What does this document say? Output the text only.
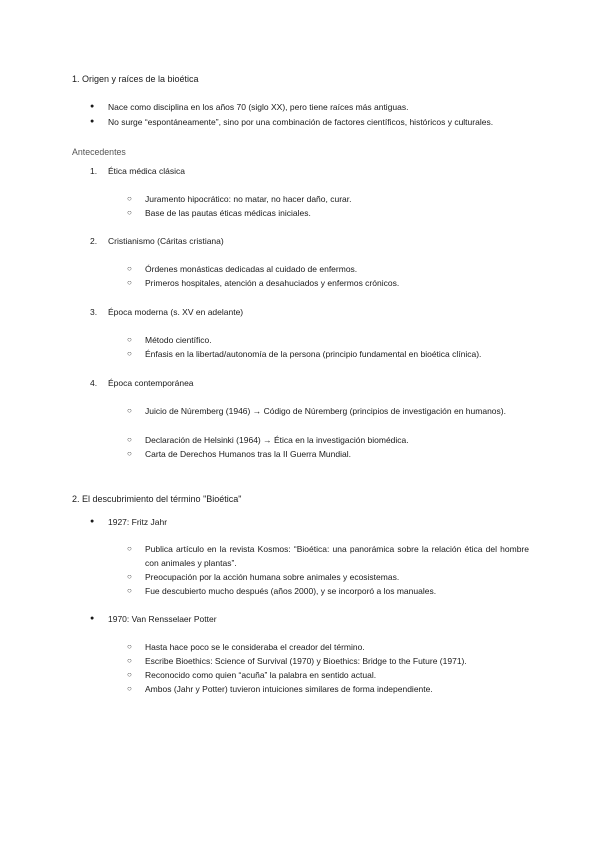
1. Origen y raíces de la bioética
●	Nace como disciplina en los años 70 (siglo XX), pero tiene raíces más antiguas.
●	No surge “espontáneamente”, sino por una combinación de factores científicos, históricos y culturales.
Antecedentes
1.	Ética médica clásica
○	Juramento hipocrático: no matar, no hacer daño, curar.
○	Base de las pautas éticas médicas iniciales.
2.	Cristianismo (Cáritas cristiana)
○	Órdenes monásticas dedicadas al cuidado de enfermos.
○	Primeros hospitales, atención a desahuciados y enfermos crónicos.
3.	Época moderna (s. XV en adelante)
○	Método científico.
○	Énfasis en la libertad/autonomía de la persona (principio fundamental en bioética clínica).
4.	Época contemporánea
○	Juicio de Núremberg (1946) → Código de Núremberg (principios de investigación en humanos).
○	Declaración de Helsinki (1964) → Ética en la investigación biomédica.
○	Carta de Derechos Humanos tras la II Guerra Mundial.
2. El descubrimiento del término "Bioética"
●	1927: Fritz Jahr
○	Publica artículo en la revista Kosmos: “Bioética: una panorámica sobre la relación ética del hombre con animales y plantas”.
○	Preocupación por la acción humana sobre animales y ecosistemas.
○	Fue descubierto mucho después (años 2000), y se incorporó a los manuales.
●	1970: Van Rensselaer Potter
○	Hasta hace poco se le consideraba el creador del término.
○	Escribe Bioethics: Science of Survival (1970) y Bioethics: Bridge to the Future (1971).
○	Reconocido como quien “acuña” la palabra en sentido actual.
○	Ambos (Jahr y Potter) tuvieron intuiciones similares de forma independiente.
